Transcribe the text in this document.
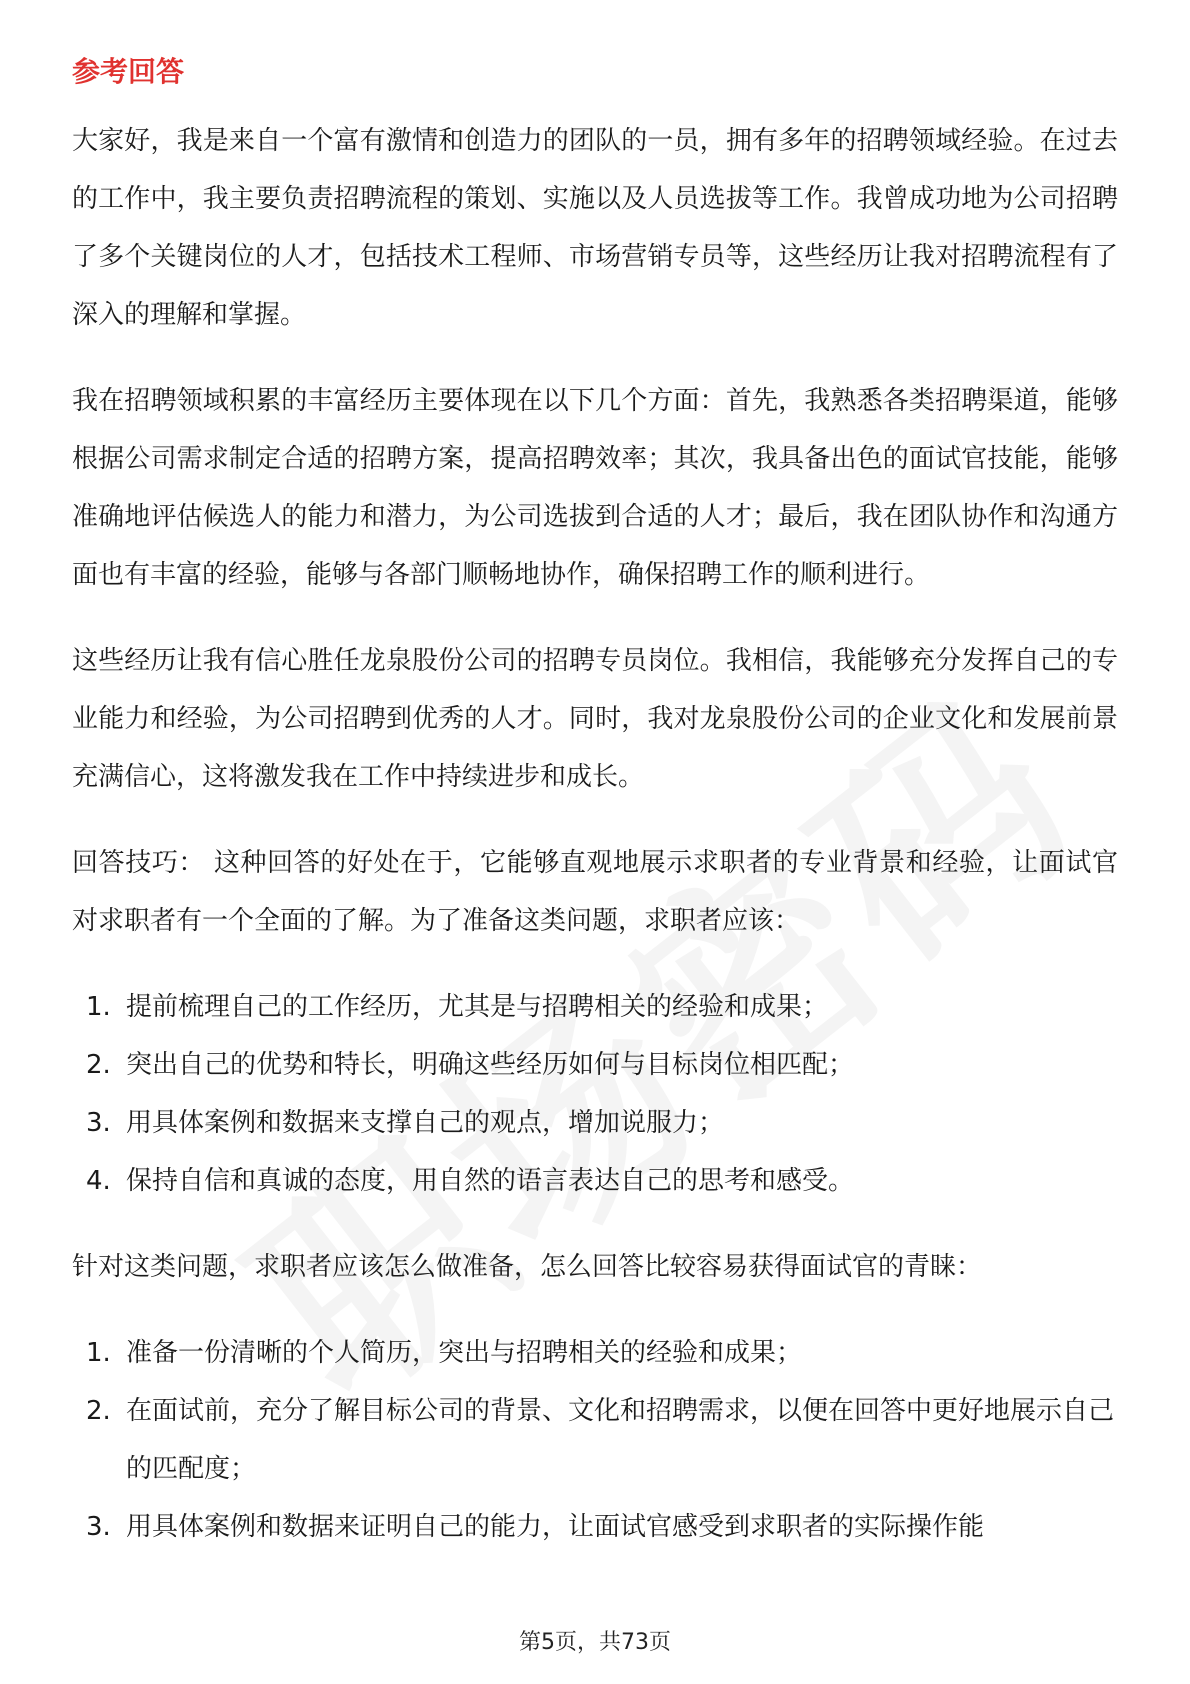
参考回答

大家好，我是来自一个富有激情和创造力的团队的一员，拥有多年的招聘领域经验。在过去的工作中，我主要负责招聘流程的策划、实施以及人员选拔等工作。我曾成功地为公司招聘了多个关键岗位的人才，包括技术工程师、市场营销专员等，这些经历让我对招聘流程有了深入的理解和掌握。

我在招聘领域积累的丰富经历主要体现在以下几个方面：首先，我熟悉各类招聘渠道，能够根据公司需求制定合适的招聘方案，提高招聘效率；其次，我具备出色的面试官技能，能够准确地评估候选人的能力和潜力，为公司选拔到合适的人才；最后，我在团队协作和沟通方面也有丰富的经验，能够与各部门顺畅地协作，确保招聘工作的顺利进行。

这些经历让我有信心胜任龙泉股份公司的招聘专员岗位。我相信，我能够充分发挥自己的专业能力和经验，为公司招聘到优秀的人才。同时，我对龙泉股份公司的企业文化和发展前景充满信心，这将激发我在工作中持续进步和成长。

回答技巧： 这种回答的好处在于，它能够直观地展示求职者的专业背景和经验，让面试官对求职者有一个全面的了解。为了准备这类问题，求职者应该：

1. 提前梳理自己的工作经历，尤其是与招聘相关的经验和成果；
2. 突出自己的优势和特长，明确这些经历如何与目标岗位相匹配；
3. 用具体案例和数据来支撑自己的观点，增加说服力；
4. 保持自信和真诚的态度，用自然的语言表达自己的思考和感受。

针对这类问题，求职者应该怎么做准备，怎么回答比较容易获得面试官的青睐：

1. 准备一份清晰的个人简历，突出与招聘相关的经验和成果；
2. 在面试前，充分了解目标公司的背景、文化和招聘需求，以便在回答中更好地展示自己的匹配度；
3. 用具体案例和数据来证明自己的能力，让面试官感受到求职者的实际操作能
第5页，共73页
